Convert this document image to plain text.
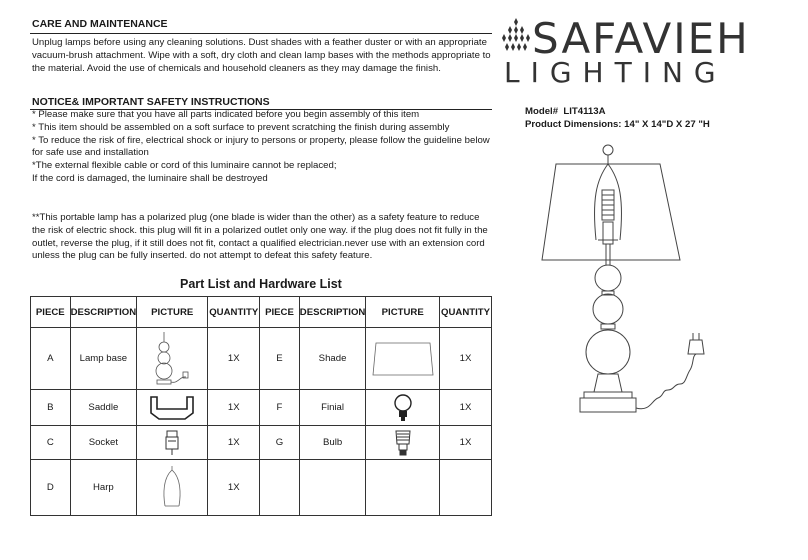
CARE AND MAINTENANCE

Unplug lamps before using any cleaning solutions. Dust shades with a feather duster or with an appropriate

vacuum-brush attachment. Wipe with a soft, dry cloth and clean lamp bases with the methods appropriate to

the material. Avoid the use of chemicals and household cleaners as they may damage the finish.

NOTICE& IMPORTANT SAFETY INSTRUCTIONS

* Please make sure that you have all parts indicated before you begin assembly of this item

* This item should be assembled on a soft surface to prevent scratching the finish during assembly

* To reduce the risk of fire, electrical shock or injury to persons or property, please follow the guideline below

for safe use and installation

*The external flexible cable or cord of this luminaire cannot be replaced;

If the cord is damaged, the luminaire shall be destroyed

**This portable lamp has a polarized plug (one blade is wider than the other) as a safety feature to reduce

the risk of electric shock. this plug will fit in a polarized outlet only one way. if the plug does not fit fully in the

outlet, reverse the plug, if it still does not fit, contact a qualified electrician.never use with an extension cord

unless the plug can be fully inserted. do not attempt to defeat this safety feature.

SAFAVIEH
LIGHTING
Model# LIT4113A
Product Dimensions: 14" X 14"D X 27 "H
Part List and Hardware List
PIECE	DESCRIPTION	PICTURE	QUANTITY	PIECE	DESCRIPTION	PICTURE	QUANTITY
A	Lamp base		1X	E	Shade		1X
B	Saddle		1X	F	Finial		1X
C	Socket		1X	G	Bulb		1X
D	Harp		1X				
